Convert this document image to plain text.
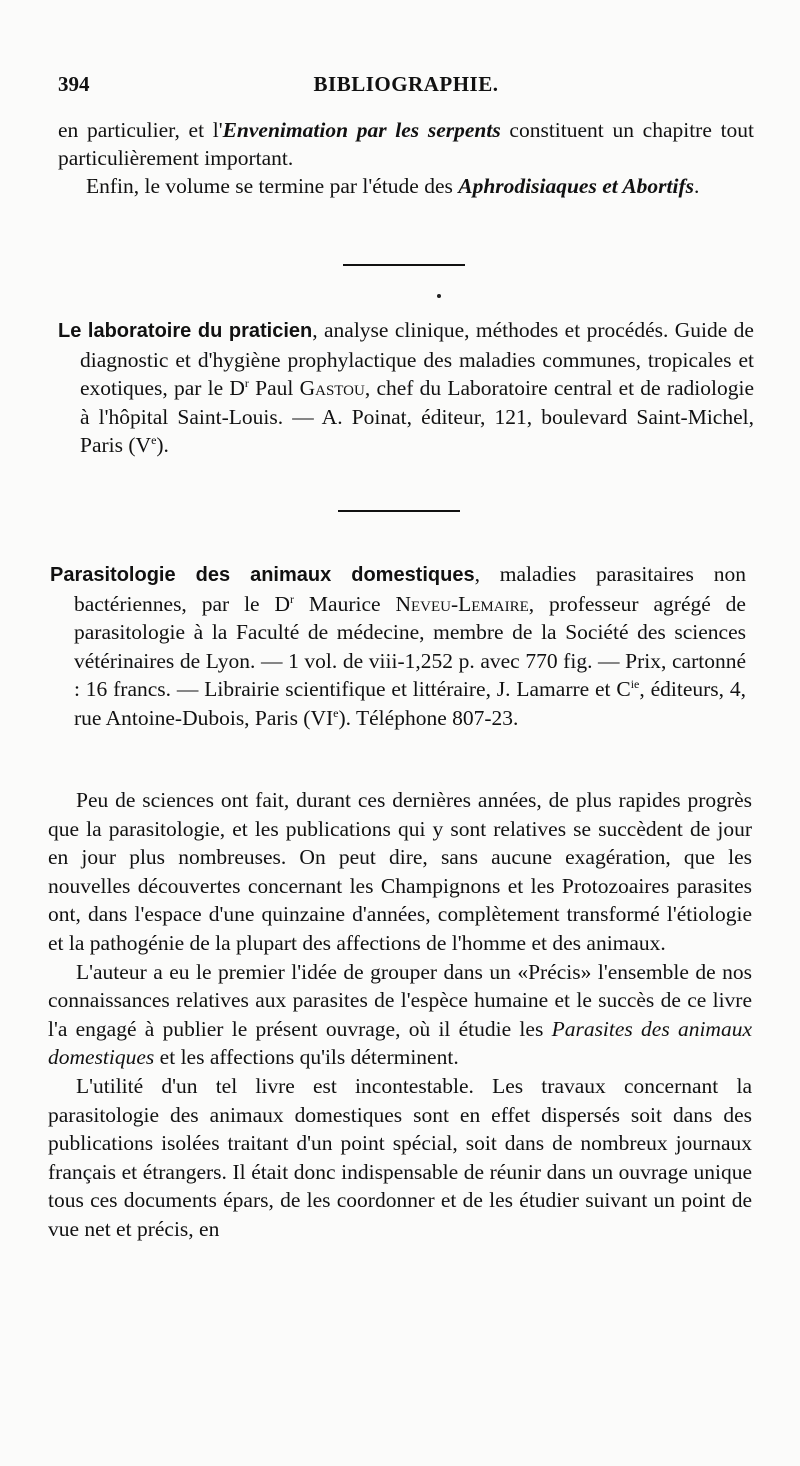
394	BIBLIOGRAPHIE.

en particulier, et l'Envenimation par les serpents constituent un chapitre tout particulièrement important.

Enfin, le volume se termine par l'étude des Aphrodisiaques et Abortifs.

Le laboratoire du praticien, analyse clinique, méthodes et procédés. Guide de diagnostic et d'hygiène prophylactique des maladies communes, tropicales et exotiques, par le $D^r$ Paul Gastou, chef du Laboratoire central et de radiologie à l'hôpital Saint-Louis. — A. Poinat, éditeur, 121, boulevard Saint-Michel, Paris (Ve).

Parasitologie des animaux domestiques, maladies parasitaires non bactériennes, par le $D^r$ Maurice Neveu-Lemaire, professeur agrégé de parasitologie à la Faculté de médecine, membre de la Société des sciences vétérinaires de Lyon. — 1 vol. de viii-1,252 p. avec 770 fig. — Prix, cartonné : 16 francs. — Librairie scientifique et littéraire, J. Lamarre et $C^{ie}$, éditeurs, 4, rue Antoine-Dubois, Paris (VIe). Téléphone 807-23.

Peu de sciences ont fait, durant ces dernières années, de plus rapides progrès que la parasitologie, et les publications qui y sont relatives se succèdent de jour en jour plus nombreuses. On peut dire, sans aucune exagération, que les nouvelles découvertes concernant les Champignons et les Protozoaires parasites ont, dans l'espace d'une quinzaine d'années, complètement transformé l'étiologie et la pathogénie de la plupart des affections de l'homme et des animaux.

L'auteur a eu le premier l'idée de grouper dans un «Précis» l'ensemble de nos connaissances relatives aux parasites de l'espèce humaine et le succès de ce livre l'a engagé à publier le présent ouvrage, où il étudie les Parasites des animaux domestiques et les affections qu'ils déterminent.

L'utilité d'un tel livre est incontestable. Les travaux concernant la parasitologie des animaux domestiques sont en effet dispersés soit dans des publications isolées traitant d'un point spécial, soit dans de nombreux journaux français et étrangers. Il était donc indispensable de réunir dans un ouvrage unique tous ces documents épars, de les coordonner et de les étudier suivant un point de vue net et précis, en
